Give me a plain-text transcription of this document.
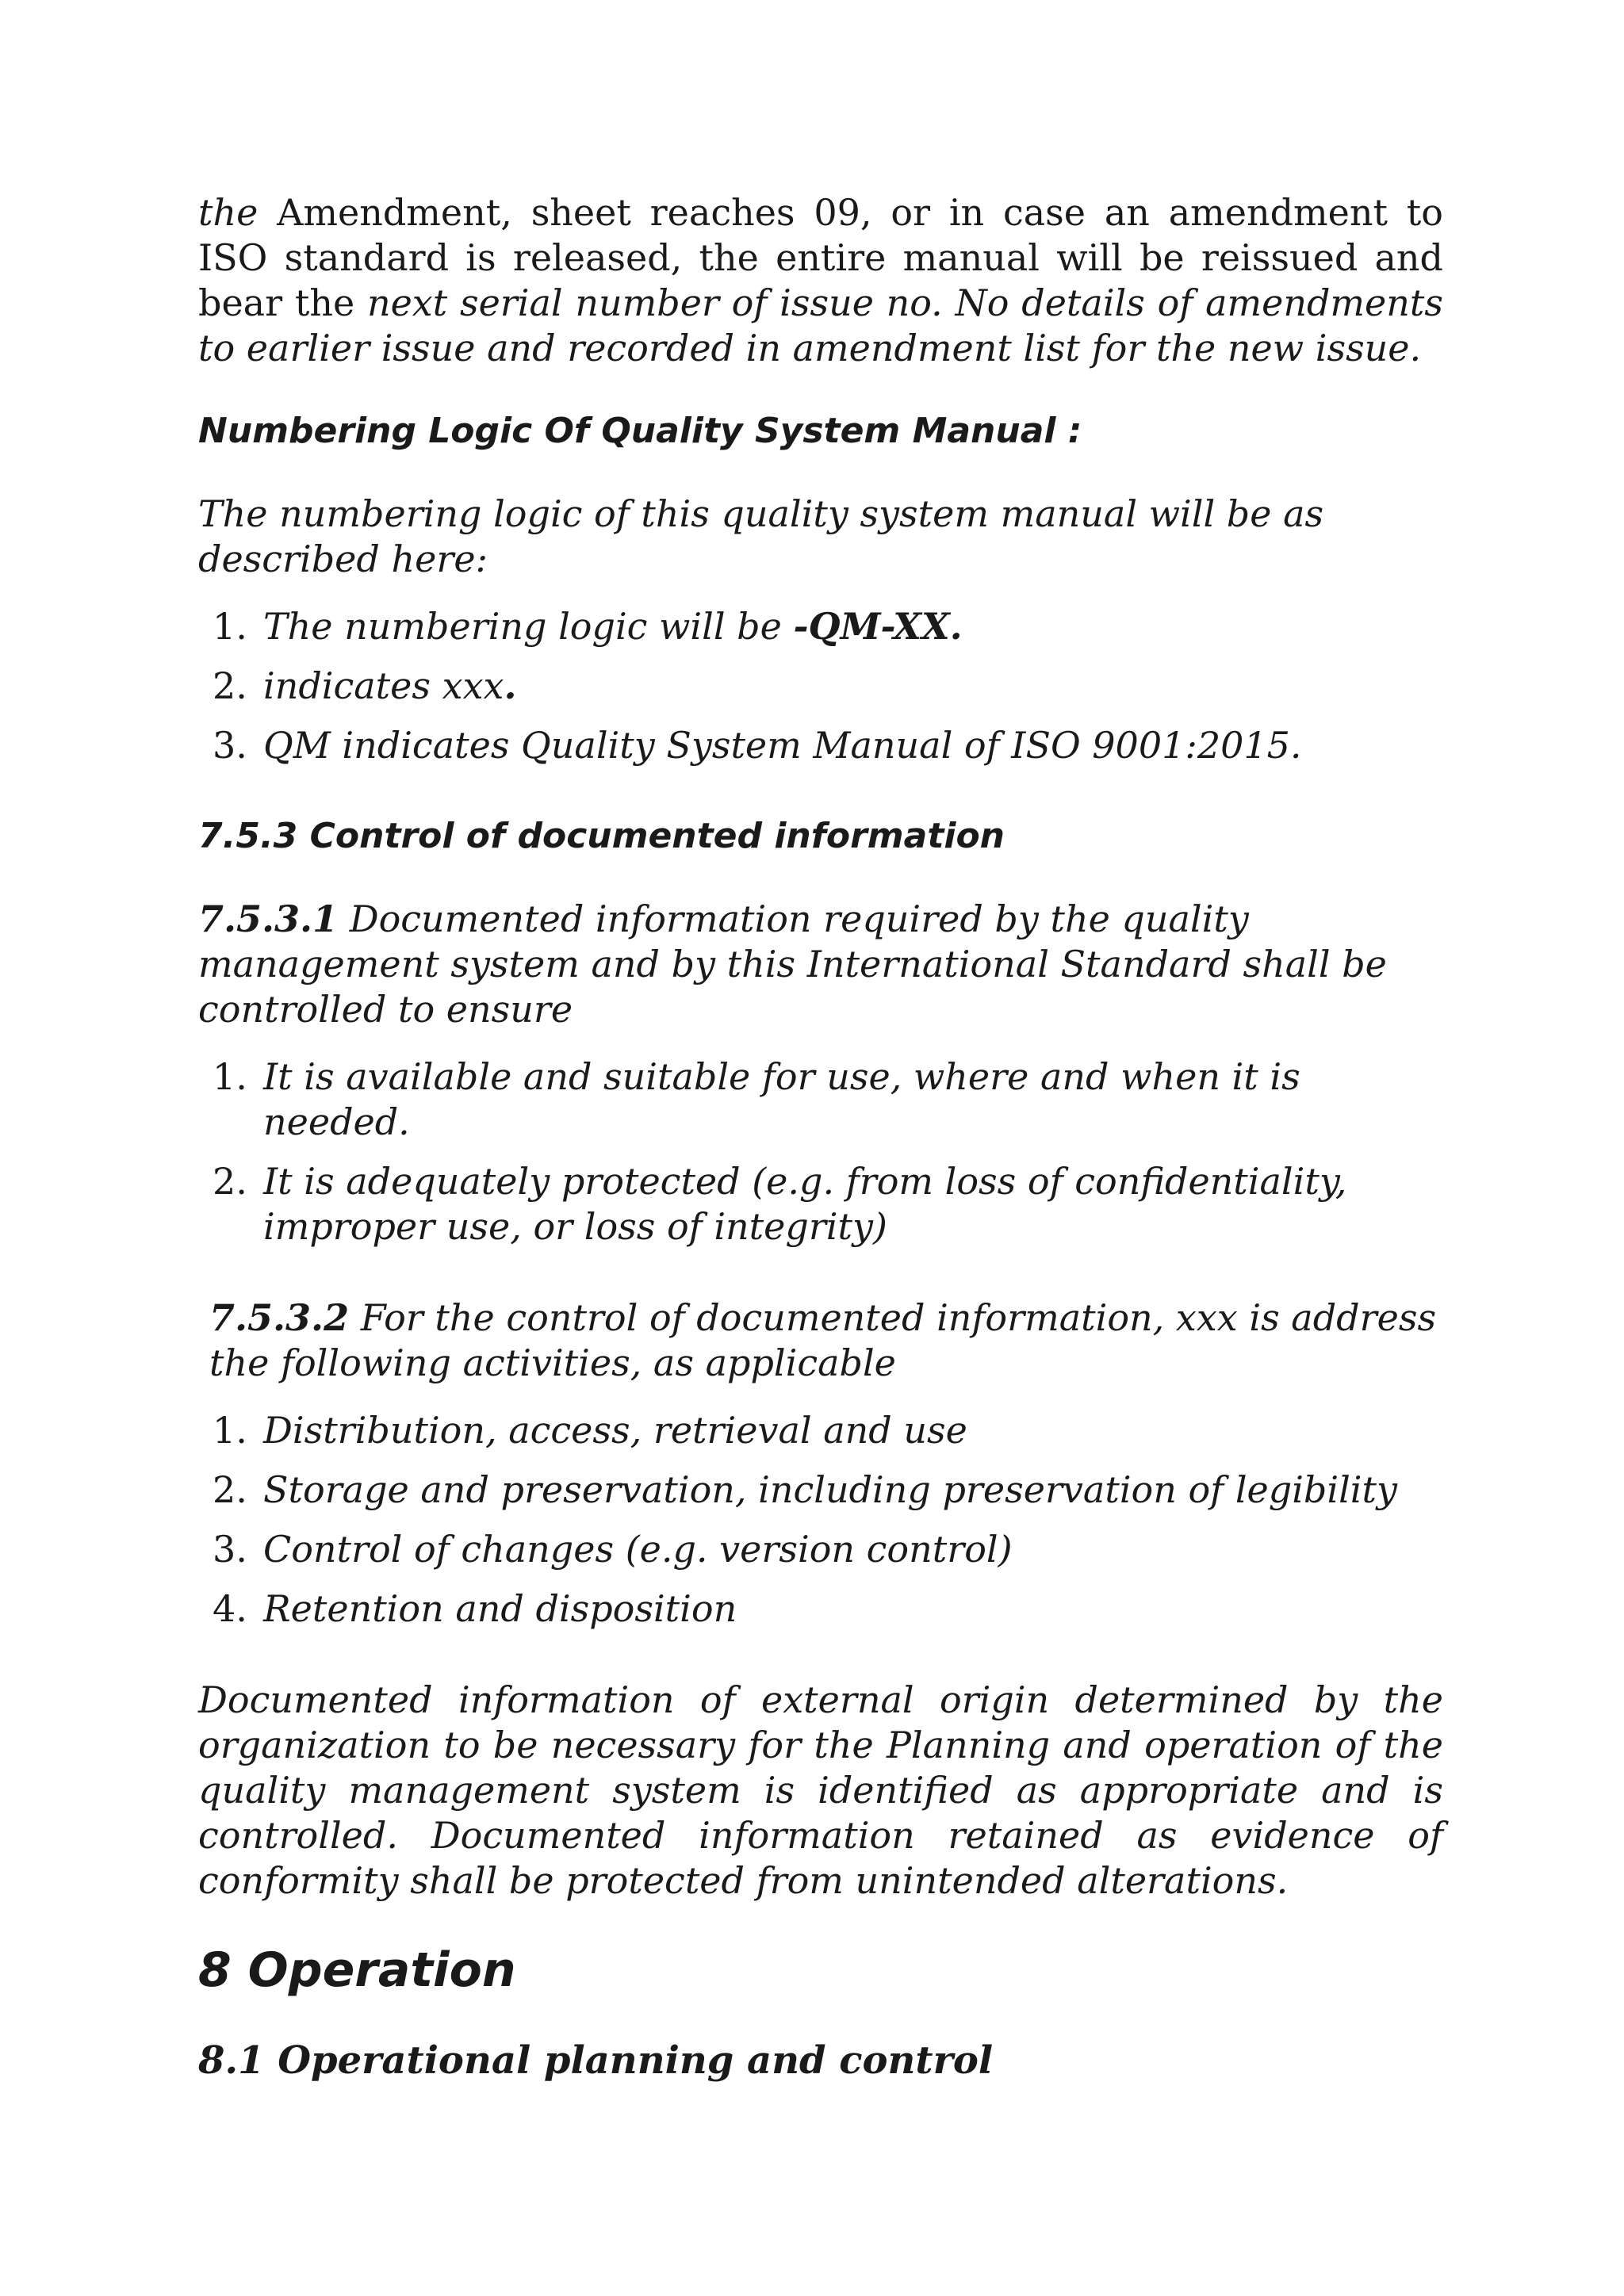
the Amendment, sheet reaches 09, or in case an amendment to ISO standard is released, the entire manual will be reissued and bear the next serial number of issue no. No details of amendments to earlier issue and recorded in amendment list for the new issue.

Numbering Logic Of Quality System Manual :

The numbering logic of this quality system manual will be as described here:

1. The numbering logic will be -QM-XX.
2. indicates xxx.
3. QM indicates Quality System Manual of ISO 9001:2015.
7.5.3 Control of documented information

7.5.3.1 Documented information required by the quality management system and by this International Standard shall be controlled to ensure

1. It is available and suitable for use, where and when it is needed.
2. It is adequately protected (e.g. from loss of confidentiality, improper use, or loss of integrity)

7.5.3.2 For the control of documented information, xxx is address the following activities, as applicable

1. Distribution, access, retrieval and use
2. Storage and preservation, including preservation of legibility
3. Control of changes (e.g. version control)
4. Retention and disposition

Documented information of external origin determined by the organization to be necessary for the Planning and operation of the quality management system is identified as appropriate and is controlled. Documented information retained as evidence of conformity shall be protected from unintended alterations.

8 Operation
8.1 Operational planning and control
